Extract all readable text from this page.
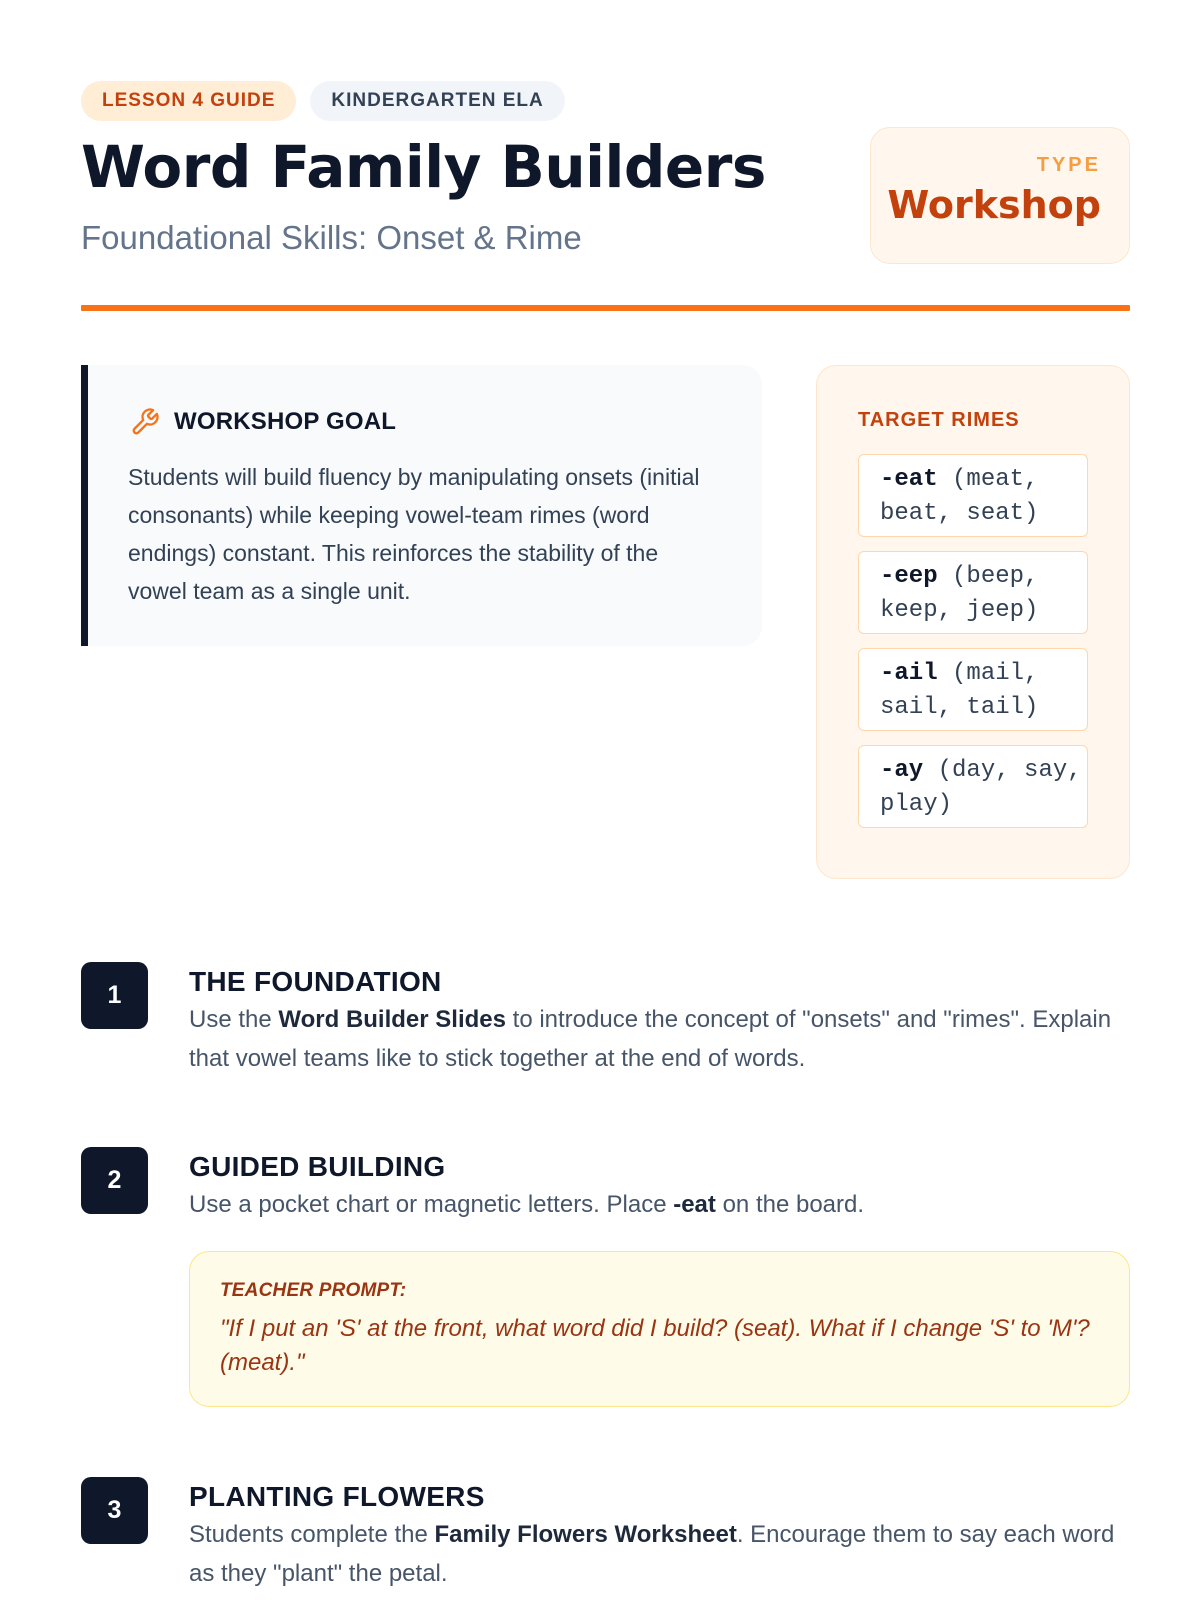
LESSON 4 GUIDE	KINDERGARTEN ELA
Word Family Builders
Foundational Skills: Onset & Rime
TYPE
Workshop
WORKSHOP GOAL

Students will build fluency by manipulating onsets (initial consonants) while keeping vowel-team rimes (word endings) constant. This reinforces the stability of the vowel team as a single unit.

TARGET RIMES
-eat (meat, beat, seat)
-eep (beep, keep, jeep)
-ail (mail, sail, tail)
-ay (day, say, play)
1	THE FOUNDATION

Use the Word Builder Slides to introduce the concept of "onsets" and "rimes". Explain that vowel teams like to stick together at the end of words.

2	GUIDED BUILDING

Use a pocket chart or magnetic letters. Place -eat on the board.

TEACHER PROMPT:

"If I put an 'S' at the front, what word did I build? (seat). What if I change 'S' to 'M'? (meat)."

3	PLANTING FLOWERS

Students complete the Family Flowers Worksheet. Encourage them to say each word as they "plant" the petal.
